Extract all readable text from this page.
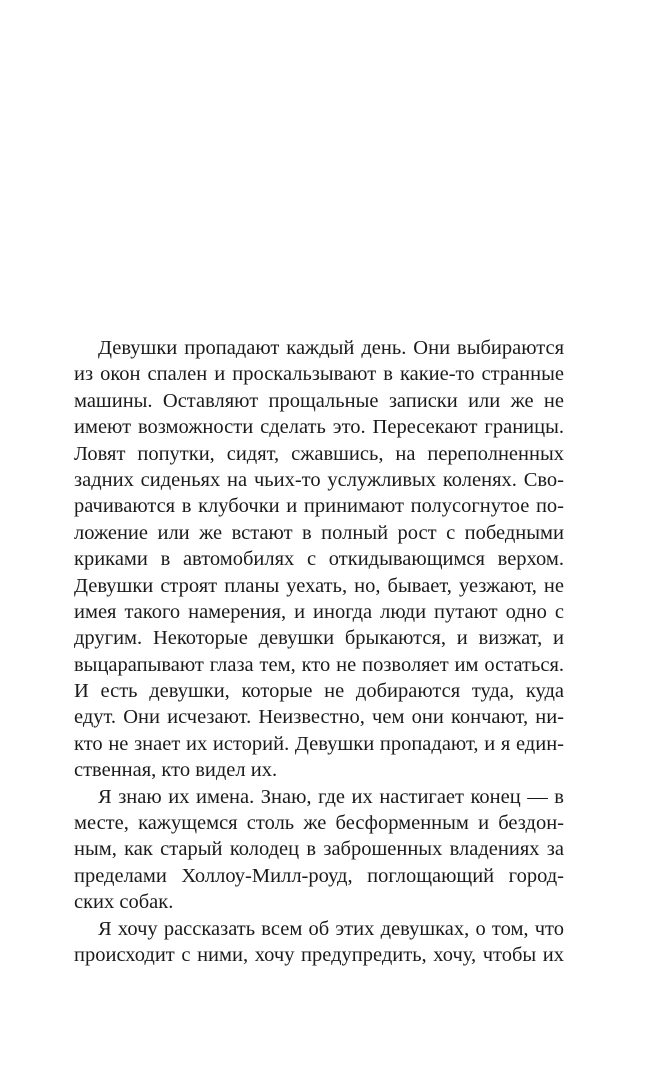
Девушки пропадают каждый день. Они выбираются
из окон спален и проскальзывают в какие-то странные
машины. Оставляют прощальные записки или же не
имеют возможности сделать это. Пересекают границы.
Ловят попутки, сидят, сжавшись, на переполненных
задних сиденьях на чьих-то услужливых коленях. Сво-
рачиваются в клубочки и принимают полусогнутое по-
ложение или же встают в полный рост с победными
криками в автомобилях с откидывающимся верхом.
Девушки строят планы уехать, но, бывает, уезжают, не
имея такого намерения, и иногда люди путают одно с
другим. Некоторые девушки брыкаются, и визжат, и
выцарапывают глаза тем, кто не позволяет им остаться.
И есть девушки, которые не добираются туда, куда
едут. Они исчезают. Неизвестно, чем они кончают, ни-
кто не знает их историй. Девушки пропадают, и я един-
ственная, кто видел их.
Я знаю их имена. Знаю, где их настигает конец — в
месте, кажущемся столь же бесформенным и бездон-
ным, как старый колодец в заброшенных владениях за
пределами Холлоу-Милл-роуд, поглощающий город-
ских собак.
Я хочу рассказать всем об этих девушках, о том, что
происходит с ними, хочу предупредить, хочу, чтобы их
